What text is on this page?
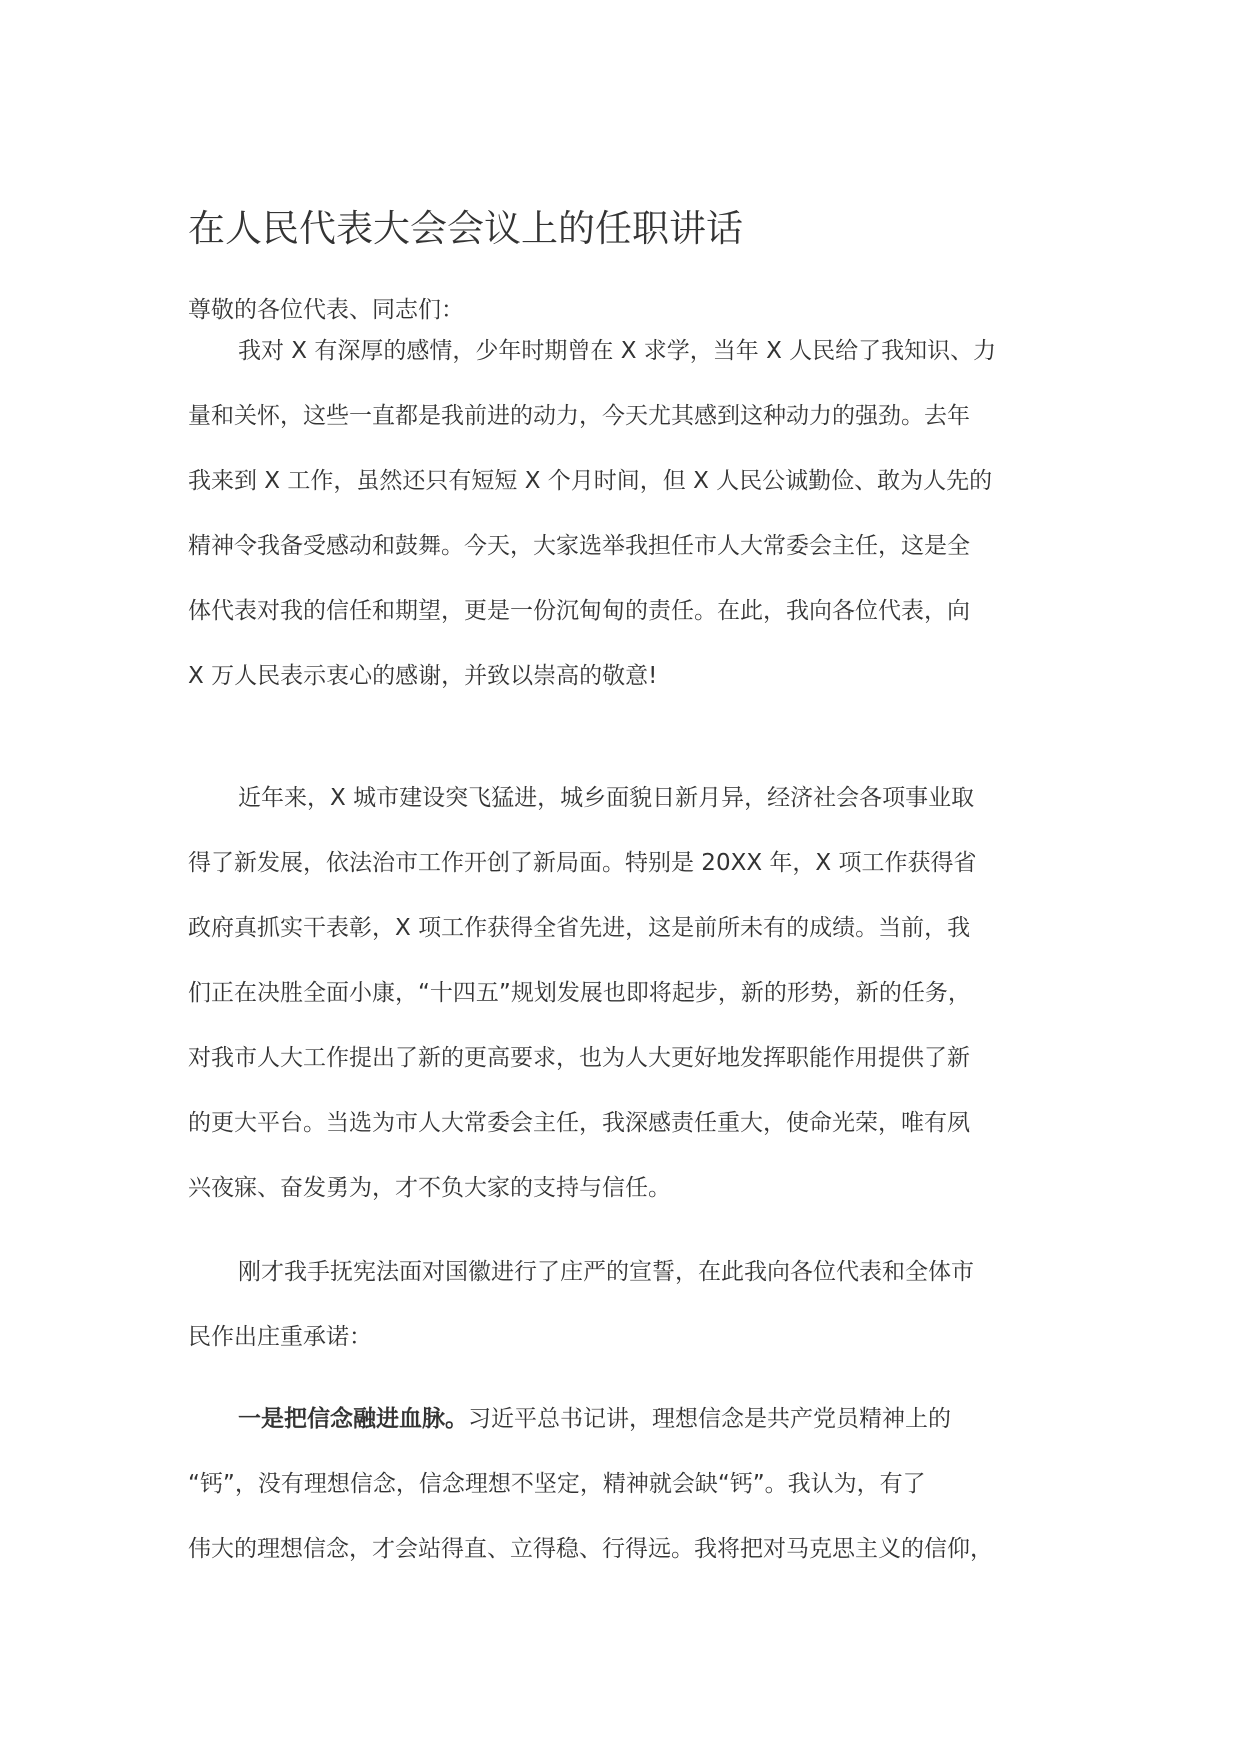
在人民代表大会会议上的任职讲话

尊敬的各位代表、同志们：

我对 X 有深厚的感情，少年时期曾在 X 求学，当年 X 人民给了我知识、力
量和关怀，这些一直都是我前进的动力，今天尤其感到这种动力的强劲。去年
我来到 X 工作，虽然还只有短短 X 个月时间，但 X 人民公诚勤俭、敢为人先的
精神令我备受感动和鼓舞。今天，大家选举我担任市人大常委会主任，这是全
体代表对我的信任和期望，更是一份沉甸甸的责任。在此，我向各位代表，向
X 万人民表示衷心的感谢，并致以崇高的敬意!
近年来，X 城市建设突飞猛进，城乡面貌日新月异，经济社会各项事业取
得了新发展，依法治市工作开创了新局面。特别是 20XX 年，X 项工作获得省
政府真抓实干表彰，X 项工作获得全省先进，这是前所未有的成绩。当前，我
们正在决胜全面小康，“十四五”规划发展也即将起步，新的形势，新的任务，
对我市人大工作提出了新的更高要求，也为人大更好地发挥职能作用提供了新
的更大平台。当选为市人大常委会主任，我深感责任重大，使命光荣，唯有夙
兴夜寐、奋发勇为，才不负大家的支持与信任。
刚才我手抚宪法面对国徽进行了庄严的宣誓，在此我向各位代表和全体市
民作出庄重承诺：
一是把信念融进血脉。习近平总书记讲，理想信念是共产党员精神上的
“钙”，没有理想信念，信念理想不坚定，精神就会缺“钙”。我认为，有了
伟大的理想信念，才会站得直、立得稳、行得远。我将把对马克思主义的信仰，
